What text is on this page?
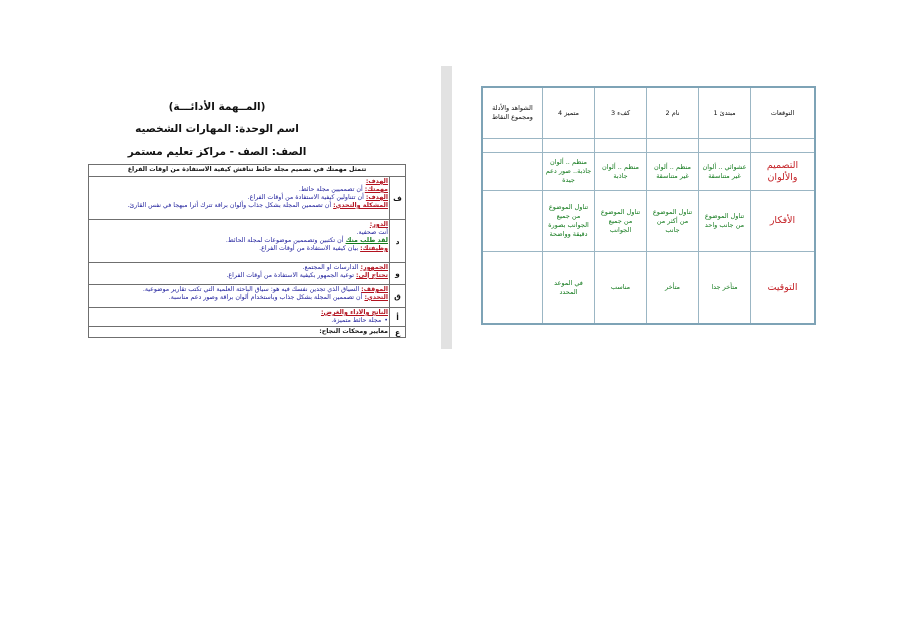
(المــهمة الأدائـــة)
اسم الوحدة: المهارات الشخصيه
الصف: الصف - مراكز تعليم مستمر
تتمثل مهمتك في تصميم مجلة حائط تناقش كيفية الاستفادة من أوقات الفراغ
ف
الهدف:
مهمتك: أن تصمميين مجلة حائط.
الهدف: أن تتناولين كيفية الاستفادة من أوقات الفراغ.
المشكلة والتحدي: أن تصممين المجلة بشكل جذاب وألوان براقة تترك أثرا مبهجا في نفس القارئ.
د
الدور:
أنت صحفية.
لقد طلب منك أن تكتبين وتصممين موضوعات لمجلة الحائط.
وظيفتك: بيان كيفية الاستفادة من أوقات الفراغ.
و
الجمهور: الدارسات أو المجتمع.
تحتاج إلى: توعية الجمهور بكيفية الاستفادة من أوقات الفراغ.
ق
الموقف: السياق الذي تجدين نفسك فيه هو: سياق الباحثة العلمية التي تكتب تقارير موضوعية.
التحدي: أن تصممين المجلة بشكل جذاب وباستخدام ألوان براقة وصور دعم مناسبة.
أ
الناتج والأداء والغرض:
•مجلة حائط متميزة.
ع
معايير ومحكات النجاح:
التوقعات
مبتدئ 1
نام 2
كفء 3
متميز 4
الشواهد والأدلة ومجموع النقاط
التصميم والألوان
عشوائي .. ألوان غير متناسقة
منظم .. ألوان غير متناسقة
منظم .. ألوان جاذبة
منظم .. ألوان جاذبة.. صور دعم جيدة
الأفكار
تناول الموضوع من جانب واحد
تناول الموضوع من أكثر من جانب
تناول الموضوع من جميع الجوانب
تناول الموضوع من جميع الجوانب بصورة دقيقة وواضحة
التوقيت
متأخر جدا
متأخر
مناسب
في الموعد المحدد
